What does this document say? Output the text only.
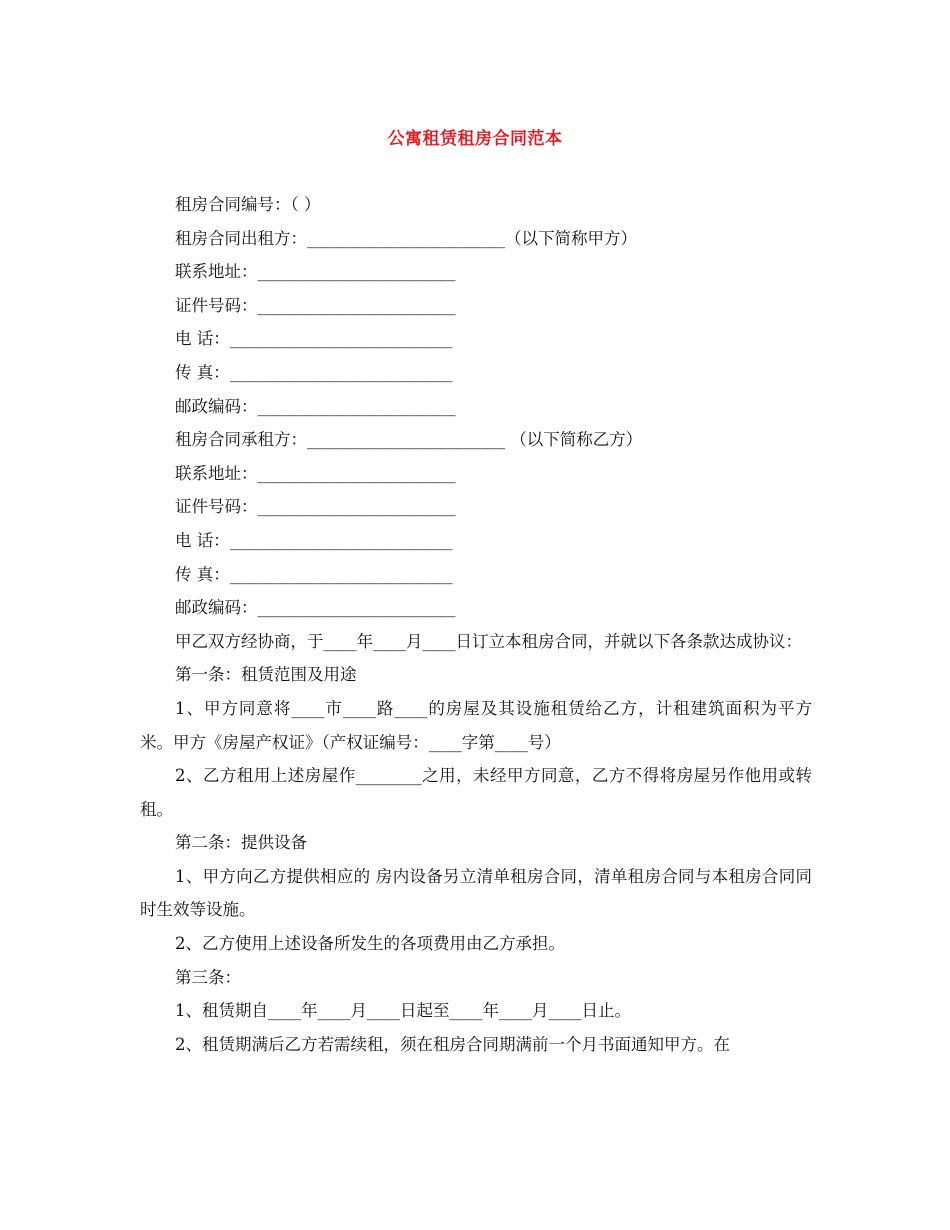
公寓租赁租房合同范本
租房合同编号：（ ）
租房合同出租方：________________________（以下简称甲方）
联系地址：________________________
证件号码：________________________
电 话：___________________________
传 真：___________________________
邮政编码：________________________
租房合同承租方：________________________ （以下简称乙方）
联系地址：________________________
证件号码：________________________
电 话：___________________________
传 真：___________________________
邮政编码：________________________
甲乙双方经协商，于____年____月____日订立本租房合同，并就以下各条款达成协议：
第一条：租赁范围及用途
1、甲方同意将____市____路____的房屋及其设施租赁给乙方，计租建筑面积为平方米。甲方《房屋产权证》（产权证编号：____字第____号）
2、乙方租用上述房屋作________之用，未经甲方同意，乙方不得将房屋另作他用或转租。
第二条：提供设备
1、甲方向乙方提供相应的 房内设备另立清单租房合同，清单租房合同与本租房合同同时生效等设施。
2、乙方使用上述设备所发生的各项费用由乙方承担。
第三条：
1、租赁期自____年____月____日起至____年____月____日止。
2、租赁期满后乙方若需续租，须在租房合同期满前一个月书面通知甲方。在
